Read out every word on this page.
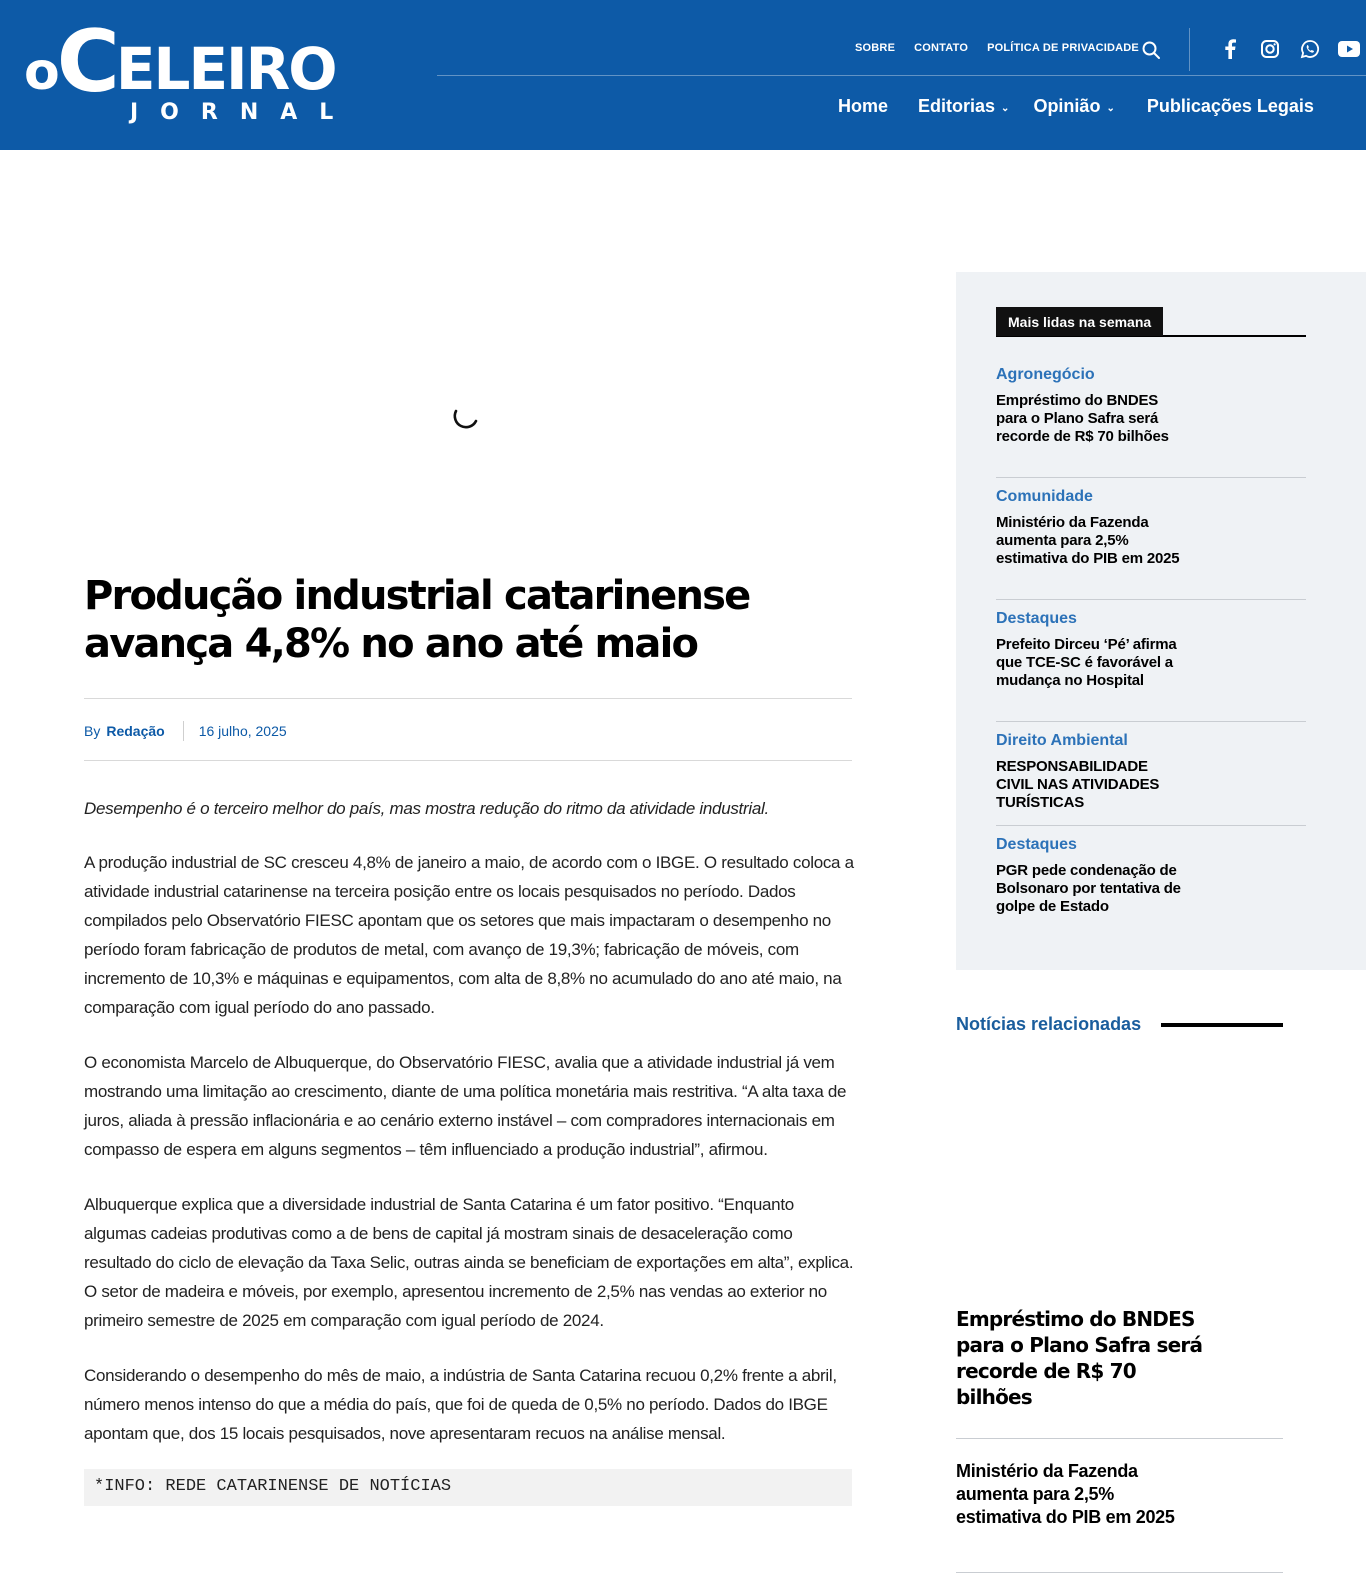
o
C
ELEIRO
JORNAL
SOBRE CONTATO POLÍTICA DE PRIVACIDADE
Home Editorias ⌄ Opinião ⌄ Publicações Legais
Produção industrial catarinense avança 4,8% no ano até maio
By Redação 16 julho, 2025

Desempenho é o terceiro melhor do país, mas mostra redução do ritmo da atividade industrial.

A produção industrial de SC cresceu 4,8% de janeiro a maio, de acordo com o IBGE. O resultado coloca a atividade industrial catarinense na terceira posição entre os locais pesquisados no período. Dados compilados pelo Observatório FIESC apontam que os setores que mais impactaram o desempenho no período foram fabricação de produtos de metal, com avanço de 19,3%; fabricação de móveis, com incremento de 10,3% e máquinas e equipamentos, com alta de 8,8% no acumulado do ano até maio, na comparação com igual período do ano passado.

O economista Marcelo de Albuquerque, do Observatório FIESC, avalia que a atividade industrial já vem mostrando uma limitação ao crescimento, diante de uma política monetária mais restritiva. “A alta taxa de juros, aliada à pressão inflacionária e ao cenário externo instável – com compradores internacionais em compasso de espera em alguns segmentos – têm influenciado a produção industrial”, afirmou.

Albuquerque explica que a diversidade industrial de Santa Catarina é um fator positivo. “Enquanto algumas cadeias produtivas como a de bens de capital já mostram sinais de desaceleração como resultado do ciclo de elevação da Taxa Selic, outras ainda se beneficiam de exportações em alta”, explica. O setor de madeira e móveis, por exemplo, apresentou incremento de 2,5% nas vendas ao exterior no primeiro semestre de 2025 em comparação com igual período de 2024.

Considerando o desempenho do mês de maio, a indústria de Santa Catarina recuou 0,2% frente a abril, número menos intenso do que a média do país, que foi de queda de 0,5% no período. Dados do IBGE apontam que, dos 15 locais pesquisados, nove apresentaram recuos na análise mensal.

*INFO: REDE CATARINENSE DE NOTÍCIAS
Mais lidas na semana
Agronegócio
Empréstimo do BNDES para o Plano Safra será recorde de R$ 70 bilhões
Comunidade
Ministério da Fazenda aumenta para 2,5% estimativa do PIB em 2025
Destaques
Prefeito Dirceu ‘Pé’ afirma que TCE-SC é favorável a mudança no Hospital
Direito Ambiental
RESPONSABILIDADE CIVIL NAS ATIVIDADES TURÍSTICAS
Destaques
PGR pede condenação de Bolsonaro por tentativa de golpe de Estado
Notícias relacionadas
Empréstimo do BNDES para o Plano Safra será recorde de R$ 70 bilhões
Ministério da Fazenda aumenta para 2,5% estimativa do PIB em 2025
